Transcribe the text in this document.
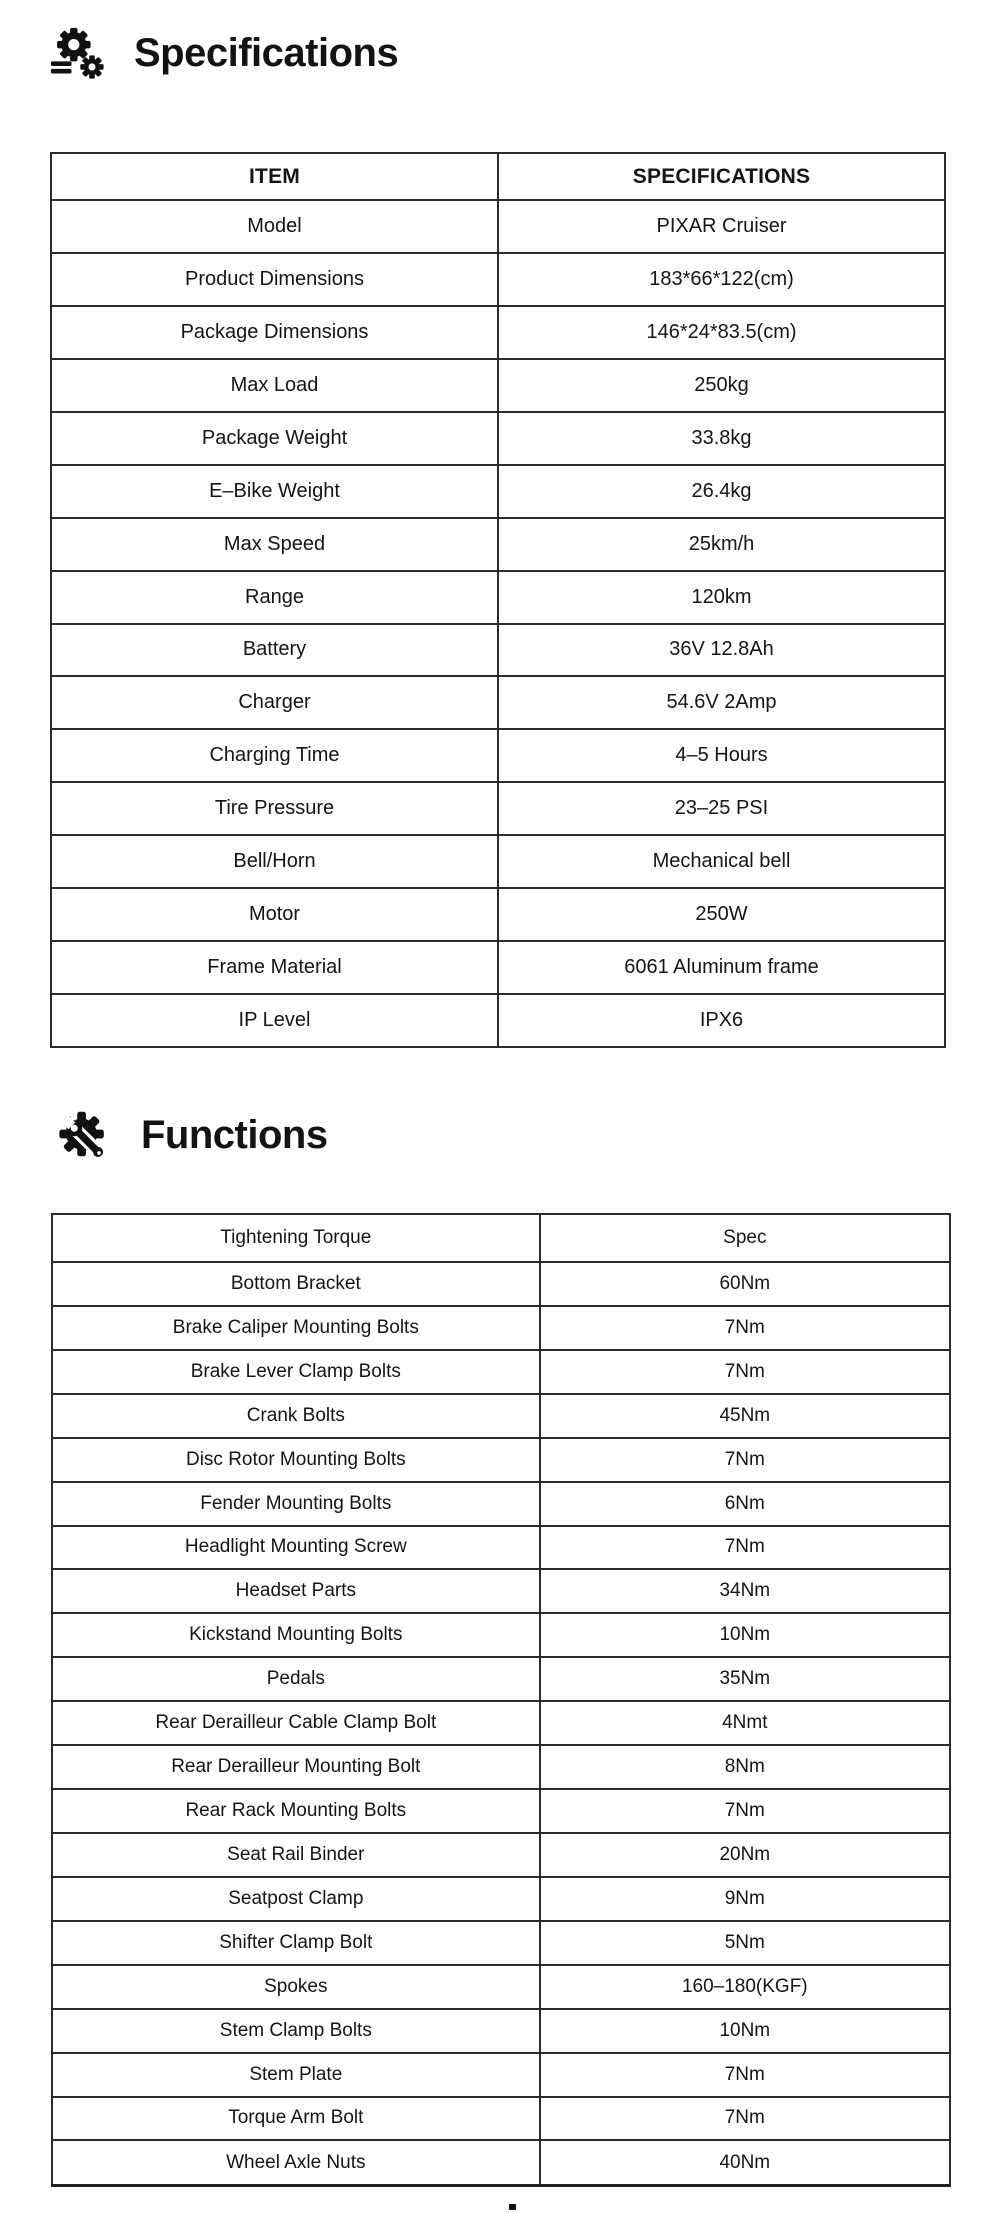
Specifications
ITEM	SPECIFICATIONS
Model	PIXAR Cruiser
Product Dimensions	183*66*122(cm)
Package Dimensions	146*24*83.5(cm)
Max Load	250kg
Package Weight	33.8kg
E–Bike Weight	26.4kg
Max Speed	25km/h
Range	120km
Battery	36V 12.8Ah
Charger	54.6V 2Amp
Charging Time	4–5 Hours
Tire Pressure	23–25 PSI
Bell/Horn	Mechanical bell
Motor	250W
Frame Material	6061 Aluminum frame
IP Level	IPX6
Functions
Tightening Torque	Spec
Bottom Bracket	60Nm
Brake Caliper Mounting Bolts	7Nm
Brake Lever Clamp Bolts	7Nm
Crank Bolts	45Nm
Disc Rotor Mounting Bolts	7Nm
Fender Mounting Bolts	6Nm
Headlight Mounting Screw	7Nm
Headset Parts	34Nm
Kickstand Mounting Bolts	10Nm
Pedals	35Nm
Rear Derailleur Cable Clamp Bolt	4Nmt
Rear Derailleur Mounting Bolt	8Nm
Rear Rack Mounting Bolts	7Nm
Seat Rail Binder	20Nm
Seatpost Clamp	9Nm
Shifter Clamp Bolt	5Nm
Spokes	160–180(KGF)
Stem Clamp Bolts	10Nm
Stem Plate	7Nm
Torque Arm Bolt	7Nm
Wheel Axle Nuts	40Nm
